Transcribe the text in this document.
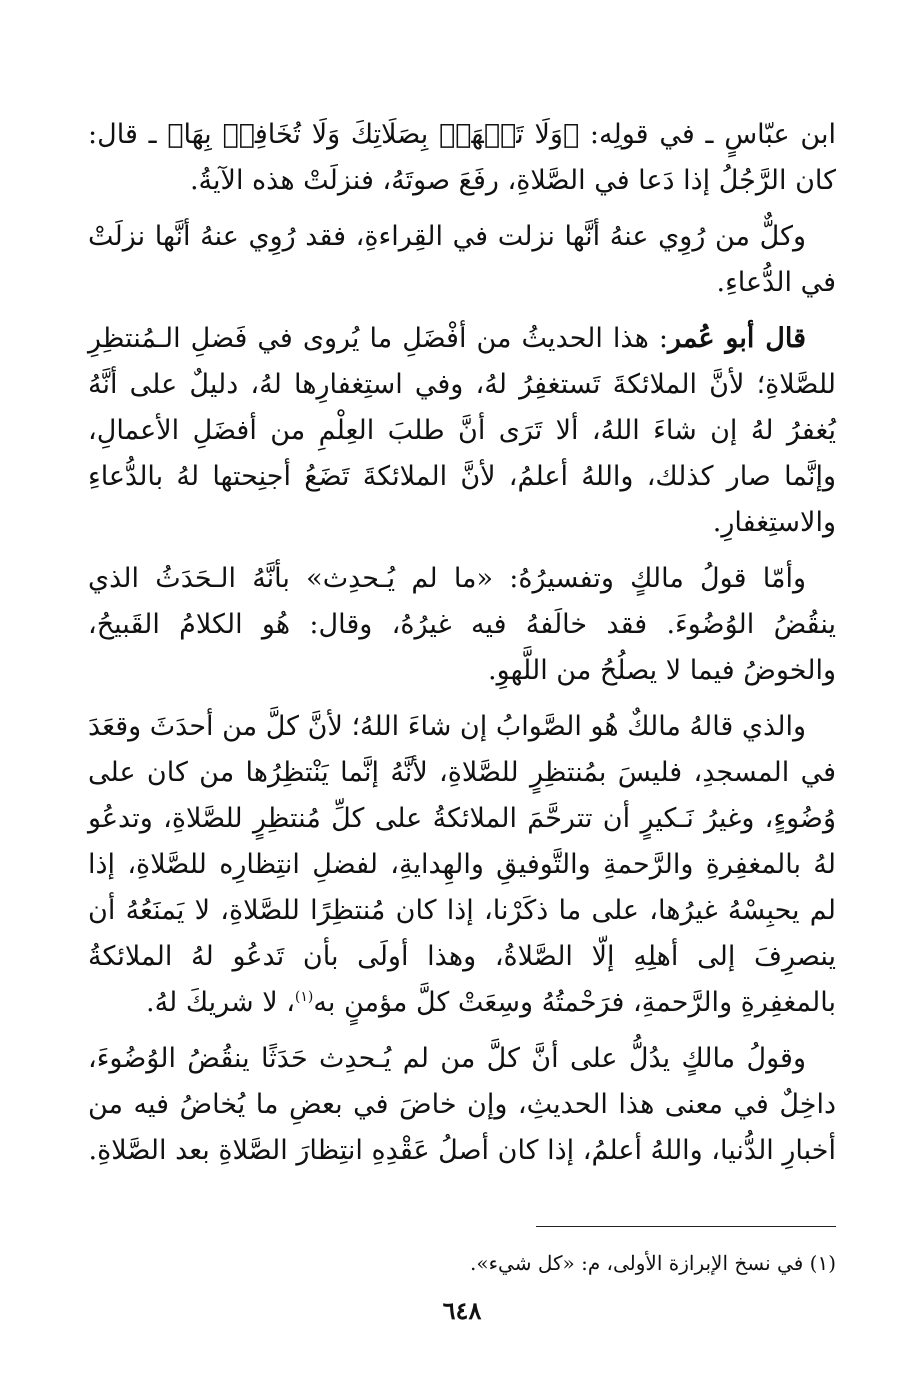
ابن عبّاسٍ ـ في قولِه: ﴿وَلَا تَجۡهَرۡ بِصَلَاتِكَ وَلَا تُخَافِتۡ بِهَا﴾ ـ قال: كان الرَّجُلُ إذا دَعا في الصَّلاةِ، رفَعَ صوتَهُ، فنزلَتْ هذه الآيةُ.

وكلٌّ من رُوِي عنهُ أنَّها نزلت في القِراءةِ، فقد رُوِي عنهُ أنَّها نزلَتْ في الدُّعاءِ.

قال أبو عُمر: هذا الحديثُ من أفْضَلِ ما يُروى في فَضلِ الـمُنتظِرِ للصَّلاةِ؛ لأنَّ الملائكةَ تَستغفِرُ لهُ، وفي استِغفارِها لهُ، دليلٌ على أنَّهُ يُغفرُ لهُ إن شاءَ اللهُ، ألا تَرَى أنَّ طلبَ العِلْمِ من أفضَلِ الأعمالِ، وإنَّما صار كذلك، واللهُ أعلمُ، لأنَّ الملائكةَ تَضَعُ أجنِحتها لهُ بالدُّعاءِ والاستِغفارِ.

وأمّا قولُ مالكٍ وتفسيرُهُ: «ما لم يُـحدِث» بأنَّهُ الـحَدَثُ الذي ينقُضُ الوُضُوءَ. فقد خالَفهُ فيه غيرُهُ، وقال: هُو الكلامُ القَبيحُ، والخوضُ فيما لا يصلُحُ من اللَّهوِ.

والذي قالهُ مالكٌ هُو الصَّوابُ إن شاءَ اللهُ؛ لأنَّ كلَّ من أحدَثَ وقعَدَ في المسجدِ، فليسَ بمُنتظِرٍ للصَّلاةِ، لأنَّهُ إنَّما يَنْتظِرُها من كان على وُضُوءٍ، وغيرُ نَـكيرٍ أن تترحَّمَ الملائكةُ على كلِّ مُنتظِرٍ للصَّلاةِ، وتدعُو لهُ بالمغفِرةِ والرَّحمةِ والتَّوفيقِ والهِدايةِ، لفضلِ انتِظارِه للصَّلاةِ، إذا لم يحبِسْهُ غيرُها، على ما ذكَرْنا، إذا كان مُنتظِرًا للصَّلاةِ، لا يَمنَعُهُ أن ينصرِفَ إلى أهلِهِ إلّا الصَّلاةُ، وهذا أولَى بأن تَدعُو لهُ الملائكةُ بالمغفِرةِ والرَّحمةِ، فرَحْمتُهُ وسِعَتْ كلَّ مؤمنٍ به$^{(١)}$، لا شريكَ لهُ.

وقولُ مالكٍ يدُلُّ على أنَّ كلَّ من لم يُـحدِث حَدَثًا ينقُضُ الوُضُوءَ، داخِلٌ في معنى هذا الحديثِ، وإن خاضَ في بعضِ ما يُخاضُ فيه من أخبارِ الدُّنيا، واللهُ أعلمُ، إذا كان أصلُ عَقْدِهِ انتِظارَ الصَّلاةِ بعد الصَّلاةِ.

(١) في نسخ الإبرازة الأولى، م: «كل شيء».
٦٤٨
